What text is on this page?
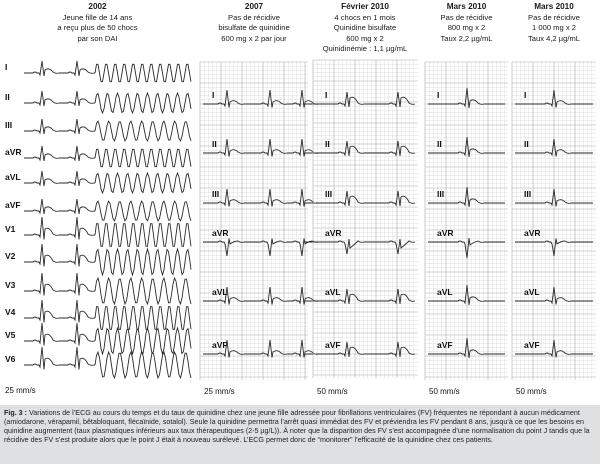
2002
Jeune fille de 14 ans
a reçu plus de 50 chocs
par son DAI
2007
Pas de récidive
bisulfate de quinidine
600 mg x 2 par jour
Février 2010
4 chocs en 1 mois
Quinidine bisulfate
600 mg x 2
Quinidinémie : 1,1 µg/mL
Mars 2010
Pas de récidive
800 mg x 2
Taux 2,2 µg/mL
Mars 2010
Pas de récidive
1 000 mg x 2
Taux 4,2 µg/mL
I
II
III
aVR
aVL
aVF
V1
V2
V3
V4
V5
V6
25 mm/s
I
II
III
aVR
aVL
aVF
25 mm/s
I
II
III
aVR
aVL
aVF
50 mm/s
I
II
III
aVR
aVL
aVF
50 mm/s
I
II
III
aVR
aVL
aVF
50 mm/s
Fig. 3 : Variations de l’ECG au cours du temps et du taux de quinidine chez une jeune fille adressée pour fibrillations ventriculaires (FV) fréquentes ne répondant à aucun médicament (amiodarone, vérapamil, bêtabloquant, flécaïnide, sotalol). Seule la quinidine permettra l’arrêt quasi immédiat des FV et préviendra les FV pendant 8 ans, jusqu’à ce que les besoins en quinidine augmentent (taux plasmatiques inférieurs aux taux thérapeutiques (2-5 µg/L)). À noter que la disparition des FV s’est accompagnée d’une normalisation du point J tandis que la récidive des FV s’est produite alors que le point J était à nouveau surélevé. L’ECG permet donc de “monitorer” l’efficacité de la quinidine chez ces patients.
